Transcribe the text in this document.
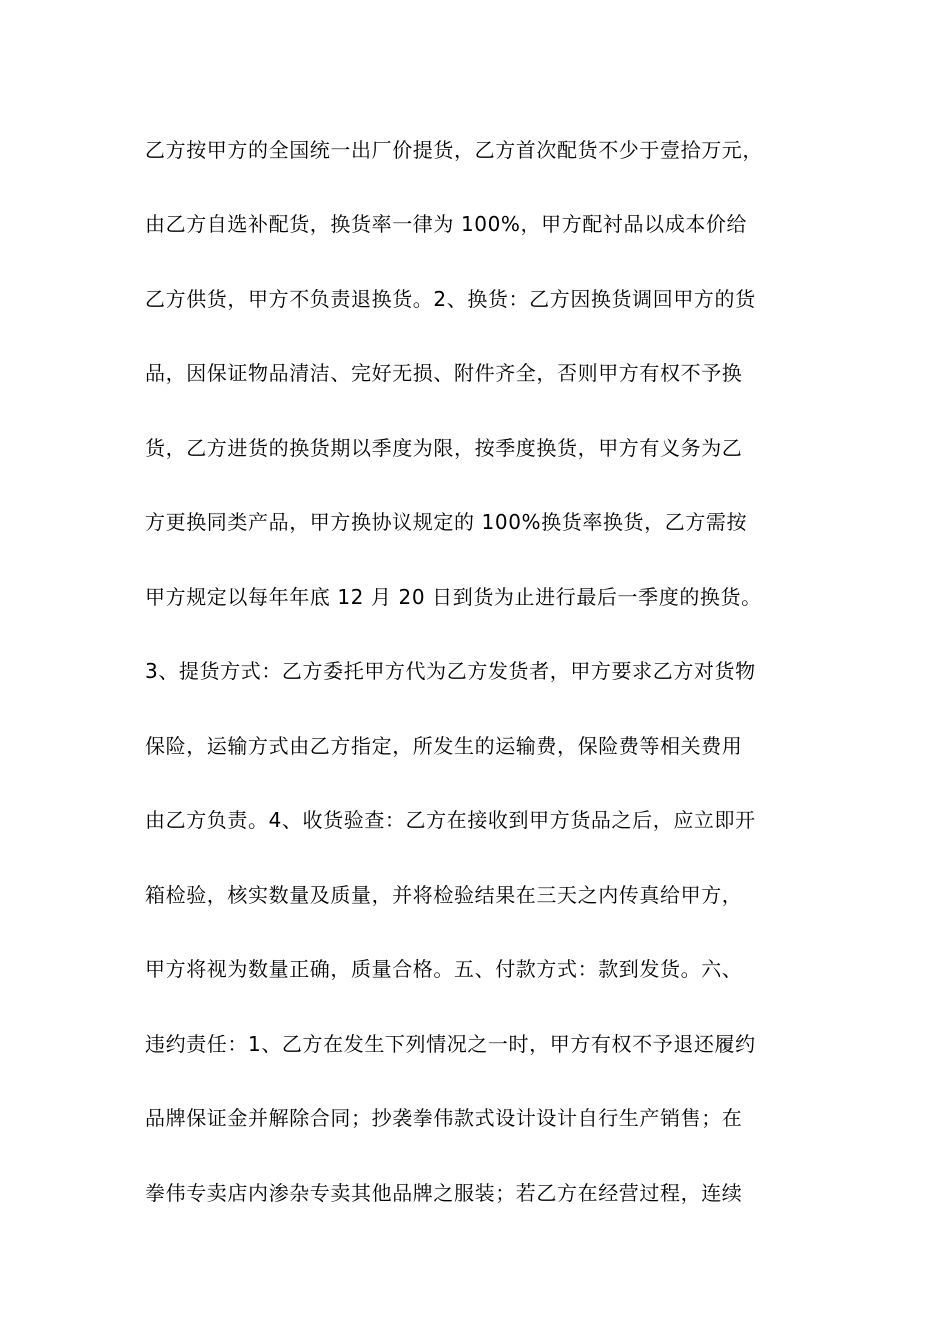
乙方按甲方的全国统一出厂价提货，乙方首次配货不少于壹拾万元，
由乙方自选补配货，换货率一律为 100%，甲方配衬品以成本价给
乙方供货，甲方不负责退换货。2、换货：乙方因换货调回甲方的货
品，因保证物品清洁、完好无损、附件齐全，否则甲方有权不予换
货，乙方进货的换货期以季度为限，按季度换货，甲方有义务为乙
方更换同类产品，甲方换协议规定的 100%换货率换货，乙方需按
甲方规定以每年年底 12 月 20 日到货为止进行最后一季度的换货。
3、提货方式：乙方委托甲方代为乙方发货者，甲方要求乙方对货物
保险，运输方式由乙方指定，所发生的运输费，保险费等相关费用
由乙方负责。4、收货验查：乙方在接收到甲方货品之后，应立即开
箱检验，核实数量及质量，并将检验结果在三天之内传真给甲方，
甲方将视为数量正确，质量合格。五、付款方式：款到发货。六、
违约责任：1、乙方在发生下列情况之一时，甲方有权不予退还履约
品牌保证金并解除合同；抄袭拳伟款式设计设计自行生产销售；在
拳伟专卖店内渗杂专卖其他品牌之服装；若乙方在经营过程，连续
